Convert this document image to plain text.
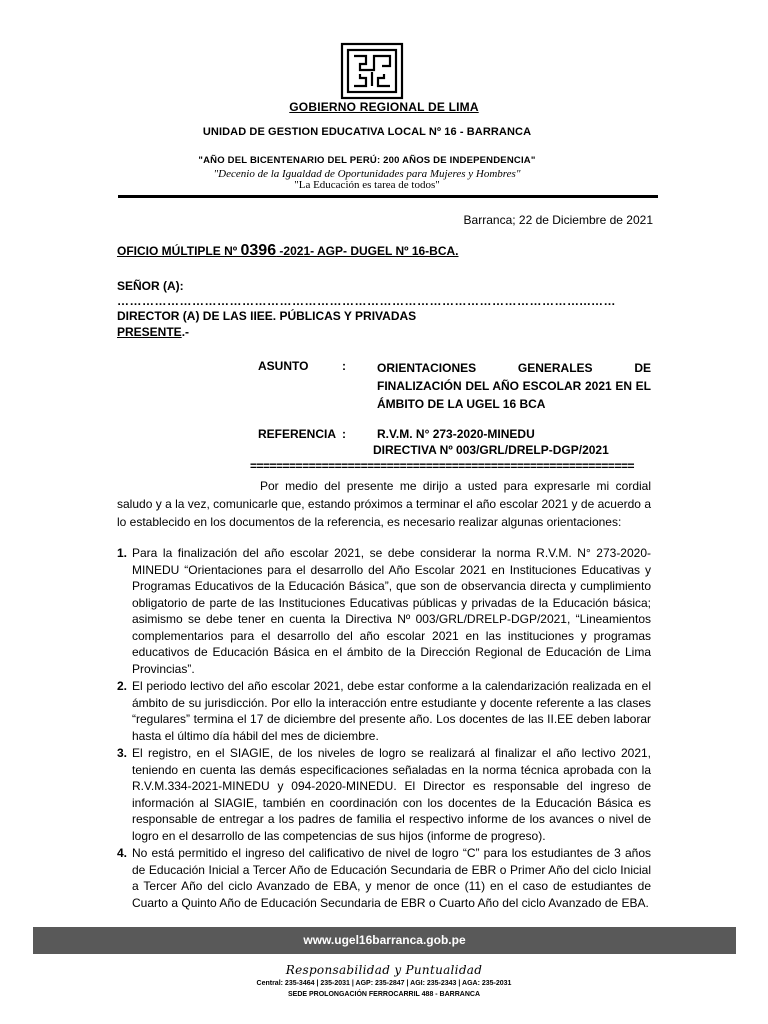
GOBIERNO REGIONAL DE LIMA
UNIDAD DE GESTION EDUCATIVA LOCAL Nº 16 - BARRANCA
"AÑO DEL BICENTENARIO DEL PERÚ: 200 AÑOS DE INDEPENDENCIA"
"Decenio de la Igualdad de Oportunidades para Mujeres y Hombres"
"La Educación es tarea de todos"
Barranca; 22 de Diciembre de 2021
OFICIO MÚLTIPLE Nº 0396 -2021- AGP- DUGEL Nº 16-BCA.
SEÑOR (A):
…………………………………………………………………………………………………...……
DIRECTOR (A) DE LAS IIEE. PÚBLICAS Y PRIVADAS
PRESENTE.-
ASUNTO	:	ORIENTACIONES GENERALES DE FINALIZACIÓN DEL AÑO ESCOLAR 2021 EN EL ÁMBITO DE LA UGEL 16 BCA
REFERENCIA :	R.V.M. N° 273-2020-MINEDU
DIRECTIVA Nº 003/GRL/DRELP-DGP/2021
===========================================================
Por medio del presente me dirijo a usted para expresarle mi cordial saludo y a la vez, comunicarle que, estando próximos a terminar el año escolar 2021 y de acuerdo a lo establecido en los documentos de la referencia, es necesario realizar algunas orientaciones:
1. Para la finalización del año escolar 2021, se debe considerar la norma R.V.M. N° 273-2020- MINEDU “Orientaciones para el desarrollo del Año Escolar 2021 en Instituciones Educativas y Programas Educativos de la Educación Básica”, que son de observancia directa y cumplimiento obligatorio de parte de las Instituciones Educativas públicas y privadas de la Educación básica; asimismo se debe tener en cuenta la Directiva Nº 003/GRL/DRELP-DGP/2021, “Lineamientos complementarios para el desarrollo del año escolar 2021 en las instituciones y programas educativos de Educación Básica en el ámbito de la Dirección Regional de Educación de Lima Provincias”.
2. El periodo lectivo del año escolar 2021, debe estar conforme a la calendarización realizada en el ámbito de su jurisdicción. Por ello la interacción entre estudiante y docente referente a las clases “regulares” termina el 17 de diciembre del presente año. Los docentes de las II.EE deben laborar hasta el último día hábil del mes de diciembre.
3. El registro, en el SIAGIE, de los niveles de logro se realizará al finalizar el año lectivo 2021, teniendo en cuenta las demás especificaciones señaladas en la norma técnica aprobada con la R.V.M.334-2021-MINEDU y 094-2020-MINEDU. El Director es responsable del ingreso de información al SIAGIE, también en coordinación con los docentes de la Educación Básica es responsable de entregar a los padres de familia el respectivo informe de los avances o nivel de logro en el desarrollo de las competencias de sus hijos (informe de progreso).
4. No está permitido el ingreso del calificativo de nivel de logro “C” para los estudiantes de 3 años de Educación Inicial a Tercer Año de Educación Secundaria de EBR o Primer Año del ciclo Inicial a Tercer Año del ciclo Avanzado de EBA, y menor de once (11) en el caso de estudiantes de Cuarto a Quinto Año de Educación Secundaria de EBR o Cuarto Año del ciclo Avanzado de EBA.
www.ugel16barranca.gob.pe
Responsabilidad y Puntualidad
Central: 235-3464 | 235-2031 | AGP: 235-2847 | AGI: 235-2343 | AGA: 235-2031
SEDE PROLONGACIÓN FERROCARRIL 488 - BARRANCA
